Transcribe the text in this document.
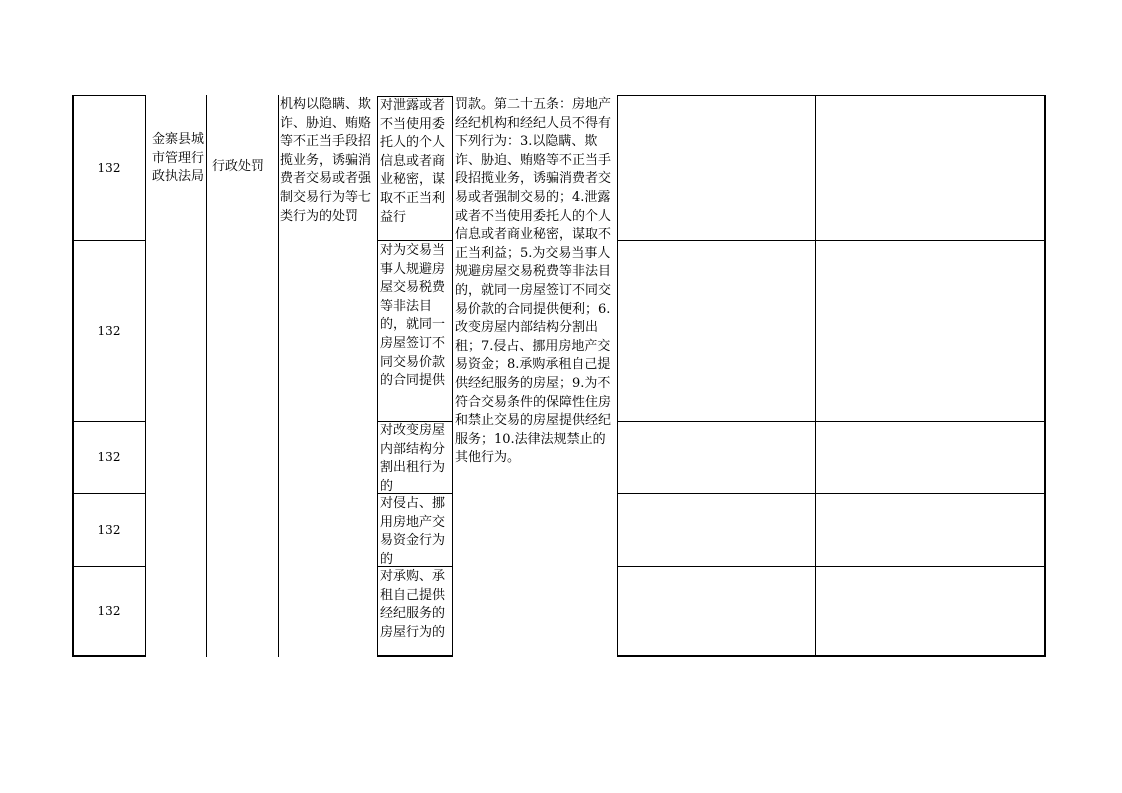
132
132
132
132
132
金寨县城市管理行政执法局
行政处罚
机构以隐瞒、欺诈、胁迫、贿赂等不正当手段招揽业务，诱骗消费者交易或者强制交易行为等七类行为的处罚
对泄露或者不当使用委托人的个人信息或者商业秘密，谋取不正当利益行
对为交易当事人规避房屋交易税费等非法目的，就同一房屋签订不同交易价款的合同提供
对改变房屋内部结构分割出租行为的
对侵占、挪用房地产交易资金行为的
对承购、承租自己提供经纪服务的房屋行为的
罚款。第二十五条：房地产经纪机构和经纪人员不得有下列行为：3.以隐瞒、欺诈、胁迫、贿赂等不正当手段招揽业务，诱骗消费者交易或者强制交易的；4.泄露或者不当使用委托人的个人信息或者商业秘密，谋取不正当利益；5.为交易当事人规避房屋交易税费等非法目的，就同一房屋签订不同交易价款的合同提供便利；6.改变房屋内部结构分割出租；7.侵占、挪用房地产交易资金；8.承购承租自己提供经纪服务的房屋；9.为不符合交易条件的保障性住房和禁止交易的房屋提供经纪服务；10.法律法规禁止的其他行为。
